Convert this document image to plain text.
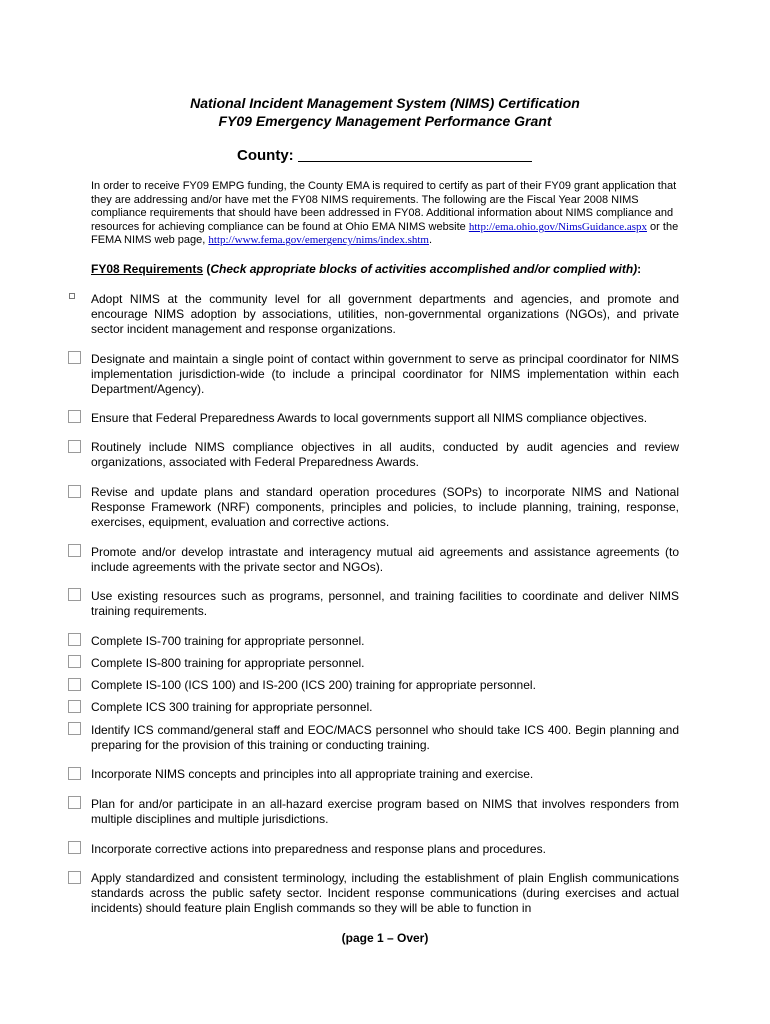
National Incident Management System (NIMS) Certification
FY09 Emergency Management Performance Grant
County:
In order to receive FY09 EMPG funding, the County EMA is required to certify as part of their FY09 grant application that they are addressing and/or have met the FY08 NIMS requirements. The following are the Fiscal Year 2008 NIMS compliance requirements that should have been addressed in FY08. Additional information about NIMS compliance and resources for achieving compliance can be found at Ohio EMA NIMS website http://ema.ohio.gov/NimsGuidance.aspx or the FEMA NIMS web page, http://www.fema.gov/emergency/nims/index.shtm.
FY08 Requirements (Check appropriate blocks of activities accomplished and/or complied with):
Adopt NIMS at the community level for all government departments and agencies, and promote and encourage NIMS adoption by associations, utilities, non-governmental organizations (NGOs), and private sector incident management and response organizations.
Designate and maintain a single point of contact within government to serve as principal coordinator for NIMS implementation jurisdiction-wide (to include a principal coordinator for NIMS implementation within each Department/Agency).
Ensure that Federal Preparedness Awards to local governments support all NIMS compliance objectives.
Routinely include NIMS compliance objectives in all audits, conducted by audit agencies and review organizations, associated with Federal Preparedness Awards.
Revise and update plans and standard operation procedures (SOPs) to incorporate NIMS and National Response Framework (NRF) components, principles and policies, to include planning, training, response, exercises, equipment, evaluation and corrective actions.
Promote and/or develop intrastate and interagency mutual aid agreements and assistance agreements (to include agreements with the private sector and NGOs).
Use existing resources such as programs, personnel, and training facilities to coordinate and deliver NIMS training requirements.
Complete IS-700 training for appropriate personnel.
Complete IS-800 training for appropriate personnel.
Complete IS-100 (ICS 100) and IS-200 (ICS 200) training for appropriate personnel.
Complete ICS 300 training for appropriate personnel.
Identify ICS command/general staff and EOC/MACS personnel who should take ICS 400. Begin planning and preparing for the provision of this training or conducting training.
Incorporate NIMS concepts and principles into all appropriate training and exercise.
Plan for and/or participate in an all-hazard exercise program based on NIMS that involves responders from multiple disciplines and multiple jurisdictions.
Incorporate corrective actions into preparedness and response plans and procedures.
Apply standardized and consistent terminology, including the establishment of plain English communications standards across the public safety sector. Incident response communications (during exercises and actual incidents) should feature plain English commands so they will be able to function in
(page 1 – Over)
